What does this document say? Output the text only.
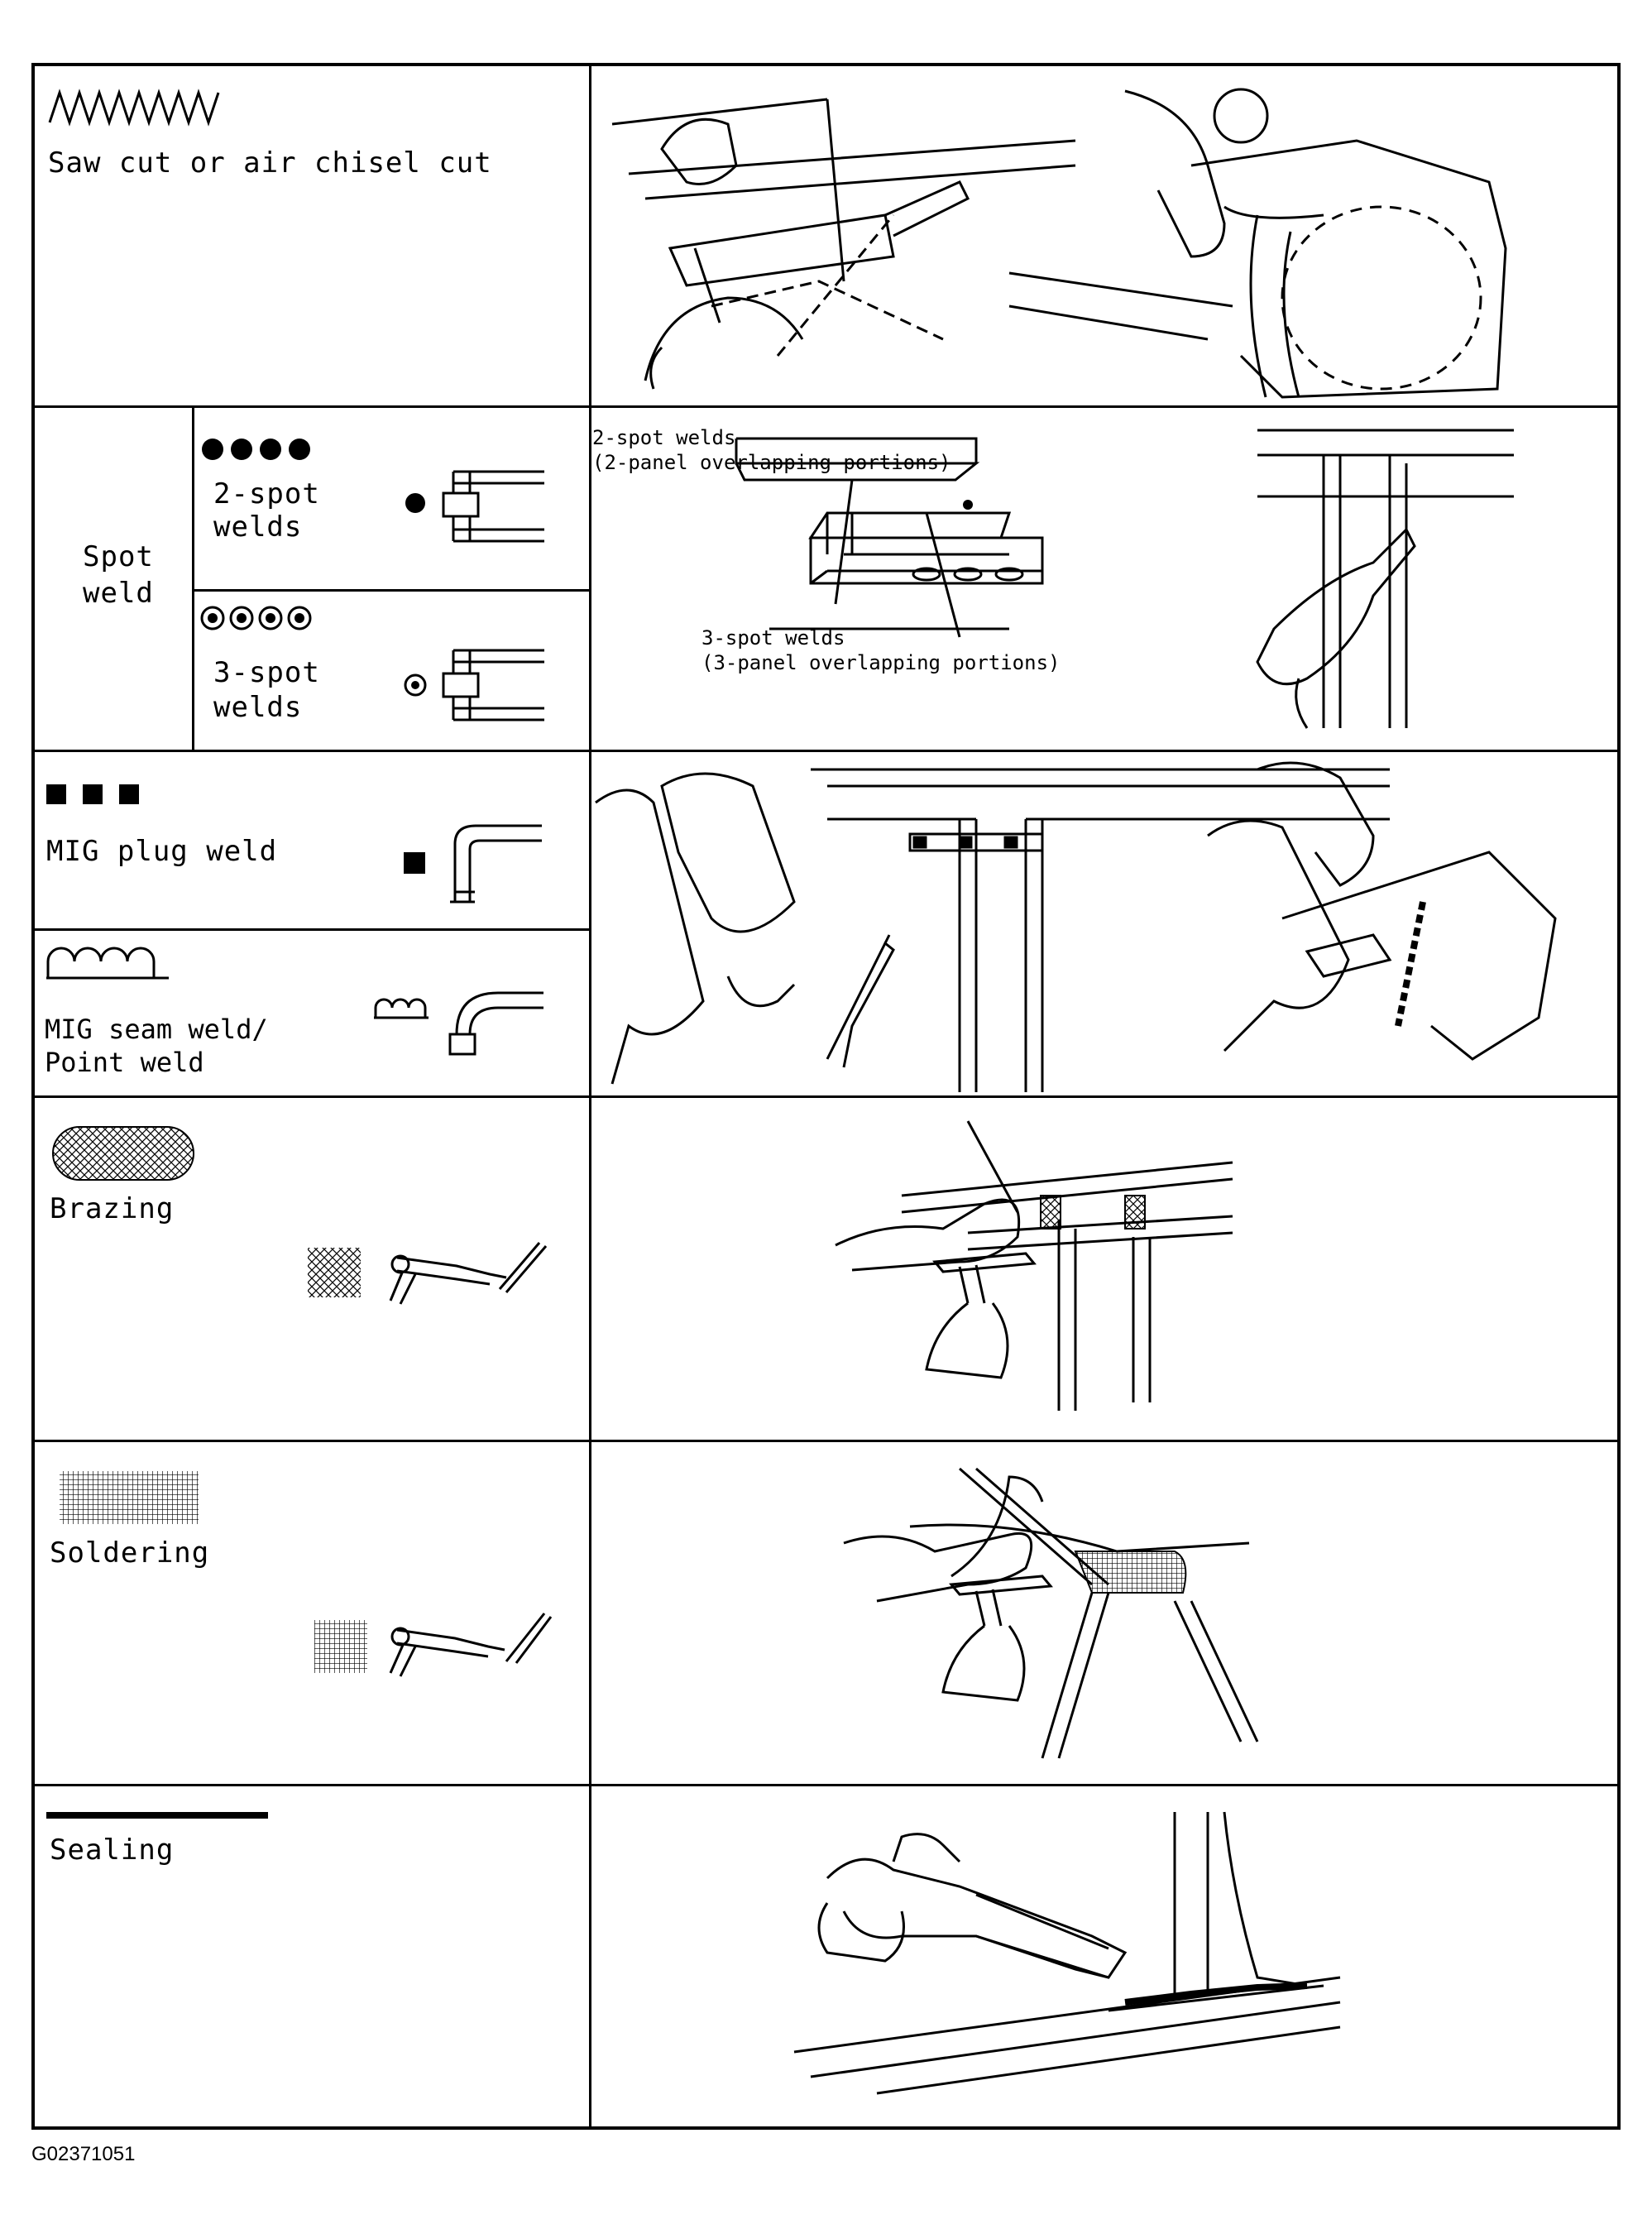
Saw cut or air chisel cut
Spot
weld
2-spot
welds
3-spot
welds
2-spot welds
(2-panel overlapping portions)
3-spot welds
(3-panel overlapping portions)
MIG plug weld
MIG seam weld/
Point weld
Brazing
Soldering
Sealing
G02371051
